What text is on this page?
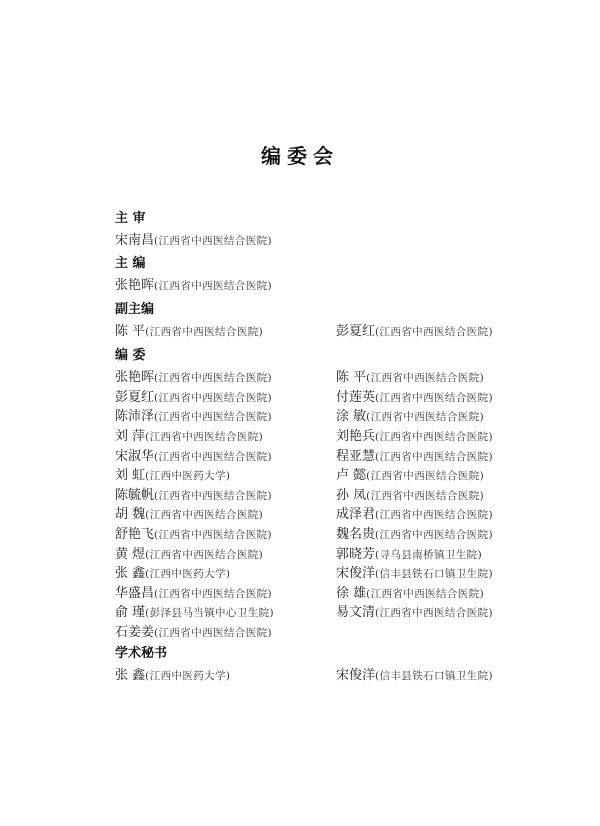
编委会
主 审
宋南昌(江西省中西医结合医院)
主 编
张艳晖(江西省中西医结合医院)
副主编
陈 平(江西省中西医结合医院)	彭夏红(江西省中西医结合医院)
编 委
张艳晖(江西省中西医结合医院)	陈 平(江西省中西医结合医院)
彭夏红(江西省中西医结合医院)	付莲英(江西省中西医结合医院)
陈沛泽(江西省中西医结合医院)	涂 敏(江西省中西医结合医院)
刘 萍(江西省中西医结合医院)	刘艳兵(江西省中西医结合医院)
宋淑华(江西省中西医结合医院)	程亚慧(江西省中西医结合医院)
刘 虹(江西中医药大学)	卢 懿(江西省中西医结合医院)
陈毓帆(江西省中西医结合医院)	孙 凤(江西省中西医结合医院)
胡 魏(江西省中西医结合医院)	成泽君(江西省中西医结合医院)
舒艳飞(江西省中西医结合医院)	魏名贵(江西省中西医结合医院)
黄 煜(江西省中西医结合医院)	郭晓芳(寻乌县南桥镇卫生院)
张 鑫(江西中医药大学)	宋俊洋(信丰县铁石口镇卫生院)
华盛昌(江西省中西医结合医院)	徐 雄(江西省中西医结合医院)
俞 瑾(彭泽县马当镇中心卫生院)	易文清(江西省中西医结合医院)
石姜姜(江西省中西医结合医院)
学术秘书
张 鑫(江西中医药大学)	宋俊洋(信丰县铁石口镇卫生院)
